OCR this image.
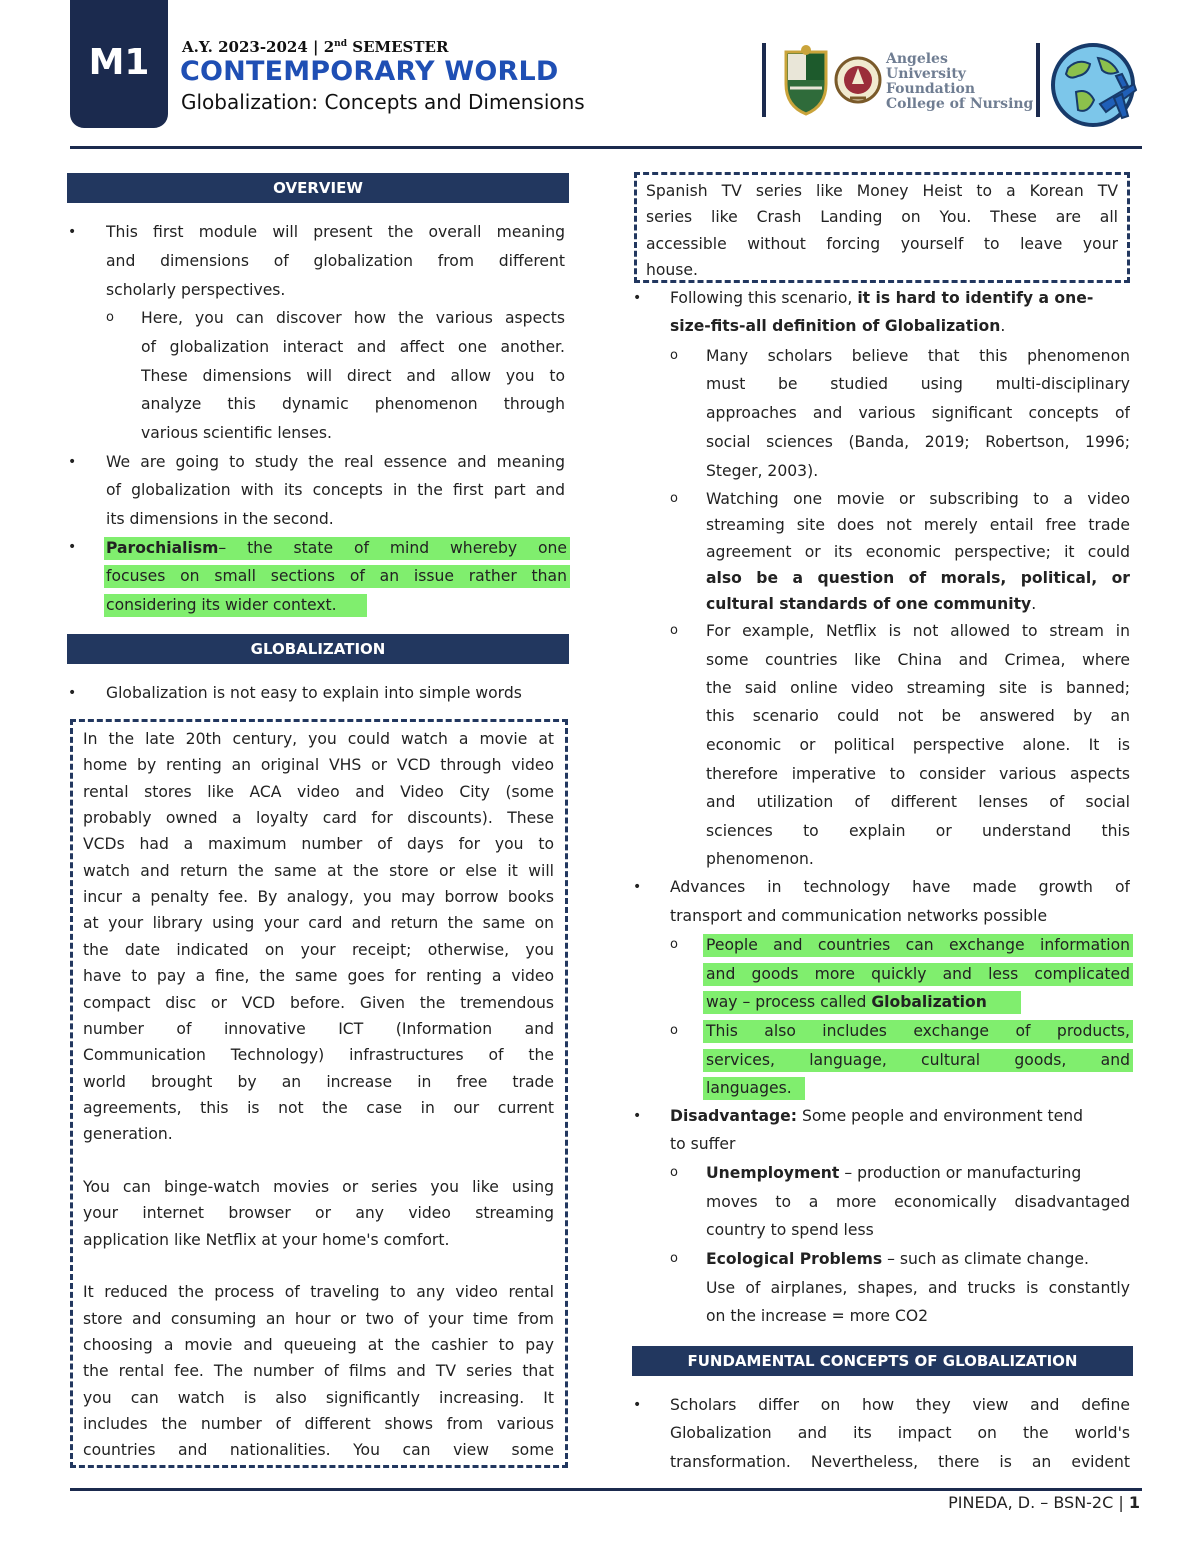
M1	A.Y. 2023-2024 | 2nd SEMESTER
CONTEMPORARY WORLD
Globalization: Concepts and Dimensions
Angeles
University
Foundation
College of Nursing
OVERVIEW
• This first module will present the overall meaning
and dimensions of globalization from different
scholarly perspectives.
o Here, you can discover how the various aspects
of globalization interact and affect one another.
These dimensions will direct and allow you to
analyze this dynamic phenomenon through
various scientific lenses.
• We are going to study the real essence and meaning
of globalization with its concepts in the first part and
its dimensions in the second.
• Parochialism – the state of mind whereby one
focuses on small sections of an issue rather than
considering its wider context.
GLOBALIZATION
• Globalization is not easy to explain into simple words
In the late 20th century, you could watch a movie at
home by renting an original VHS or VCD through video
rental stores like ACA video and Video City (some
probably owned a loyalty card for discounts). These
VCDs had a maximum number of days for you to
watch and return the same at the store or else it will
incur a penalty fee. By analogy, you may borrow books
at your library using your card and return the same on
the date indicated on your receipt; otherwise, you
have to pay a fine, the same goes for renting a video
compact disc or VCD before. Given the tremendous
number of innovative ICT (Information and
Communication Technology) infrastructures of the
world brought by an increase in free trade
agreements, this is not the case in our current
generation.
You can binge-watch movies or series you like using
your internet browser or any video streaming
application like Netflix at your home's comfort.
It reduced the process of traveling to any video rental
store and consuming an hour or two of your time from
choosing a movie and queueing at the cashier to pay
the rental fee. The number of films and TV series that
you can watch is also significantly increasing. It
includes the number of different shows from various
countries and nationalities. You can view some
Spanish TV series like Money Heist to a Korean TV
series like Crash Landing on You. These are all
accessible without forcing yourself to leave your
house.
• Following this scenario, it is hard to identify a one-
size-fits-all definition of Globalization.
o Many scholars believe that this phenomenon
must be studied using multi-disciplinary
approaches and various significant concepts of
social sciences (Banda, 2019; Robertson, 1996;
Steger, 2003).
o Watching one movie or subscribing to a video
streaming site does not merely entail free trade
agreement or its economic perspective; it could
also be a question of morals, political, or
cultural standards of one community.
o For example, Netflix is not allowed to stream in
some countries like China and Crimea, where
the said online video streaming site is banned;
this scenario could not be answered by an
economic or political perspective alone. It is
therefore imperative to consider various aspects
and utilization of different lenses of social
sciences to explain or understand this
phenomenon.
• Advances in technology have made growth of
transport and communication networks possible
o People and countries can exchange information
and goods more quickly and less complicated
way – process called Globalization
o This also includes exchange of products,
services, language, cultural goods, and
languages.
• Disadvantage: Some people and environment tend
to suffer
o Unemployment – production or manufacturing
moves to a more economically disadvantaged
country to spend less
o Ecological Problems – such as climate change.
Use of airplanes, shapes, and trucks is constantly
on the increase = more CO2
FUNDAMENTAL CONCEPTS OF GLOBALIZATION
• Scholars differ on how they view and define
Globalization and its impact on the world's
transformation. Nevertheless, there is an evident
PINEDA, D. – BSN-2C | 1
